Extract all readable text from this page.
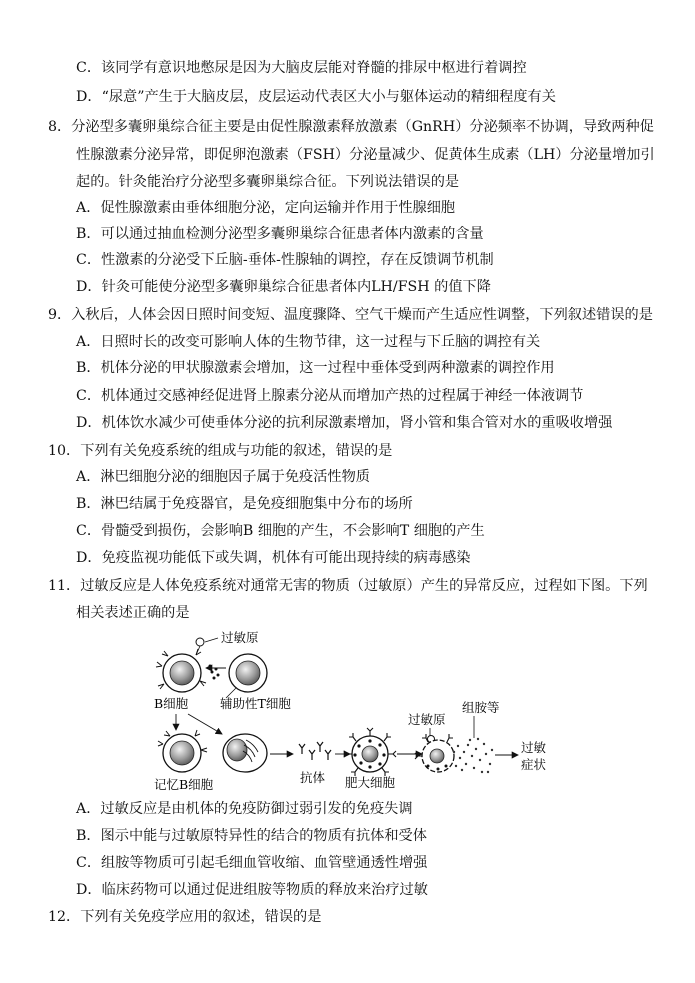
C．该同学有意识地憋尿是因为大脑皮层能对脊髓的排尿中枢进行着调控
D．“尿意”产生于大脑皮层，皮层运动代表区大小与躯体运动的精细程度有关
8．分泌型多囊卵巢综合征主要是由促性腺激素释放激素（GnRH）分泌频率不协调，导致两种促
性腺激素分泌异常，即促卵泡激素（FSH）分泌量减少、促黄体生成素（LH）分泌量增加引
起的。针灸能治疗分泌型多囊卵巢综合征。下列说法错误的是
A．促性腺激素由垂体细胞分泌，定向运输并作用于性腺细胞
B．可以通过抽血检测分泌型多囊卵巢综合征患者体内激素的含量
C．性激素的分泌受下丘脑-垂体-性腺轴的调控，存在反馈调节机制
D．针灸可能使分泌型多囊卵巢综合征患者体内LH/FSH 的值下降
9．入秋后，人体会因日照时间变短、温度骤降、空气干燥而产生适应性调整，下列叙述错误的是
A．日照时长的改变可影响人体的生物节律，这一过程与下丘脑的调控有关
B．机体分泌的甲状腺激素会增加，这一过程中垂体受到两种激素的调控作用
C．机体通过交感神经促进肾上腺素分泌从而增加产热的过程属于神经一体液调节
D．机体饮水减少可使垂体分泌的抗利尿激素增加，肾小管和集合管对水的重吸收增强
10．下列有关免疫系统的组成与功能的叙述，错误的是
A．淋巴细胞分泌的细胞因子属于免疫活性物质
B．淋巴结属于免疫器官，是免疫细胞集中分布的场所
C．骨髓受到损伤，会影响B 细胞的产生，不会影响T 细胞的产生
D．免疫监视功能低下或失调，机体有可能出现持续的病毒感染
11．过敏反应是人体免疫系统对通常无害的物质（过敏原）产生的异常反应，过程如下图。下列
相关表述正确的是
过敏原
B细胞	辅助性T细胞
记忆B细胞	抗体 肥大细胞
过敏原
组胺等
过敏
症状
A．过敏反应是由机体的免疫防御过弱引发的免疫失调
B．图示中能与过敏原特异性的结合的物质有抗体和受体
C．组胺等物质可引起毛细血管收缩、血管壁通透性增强
D．临床药物可以通过促进组胺等物质的释放来治疗过敏
12．下列有关免疫学应用的叙述，错误的是
